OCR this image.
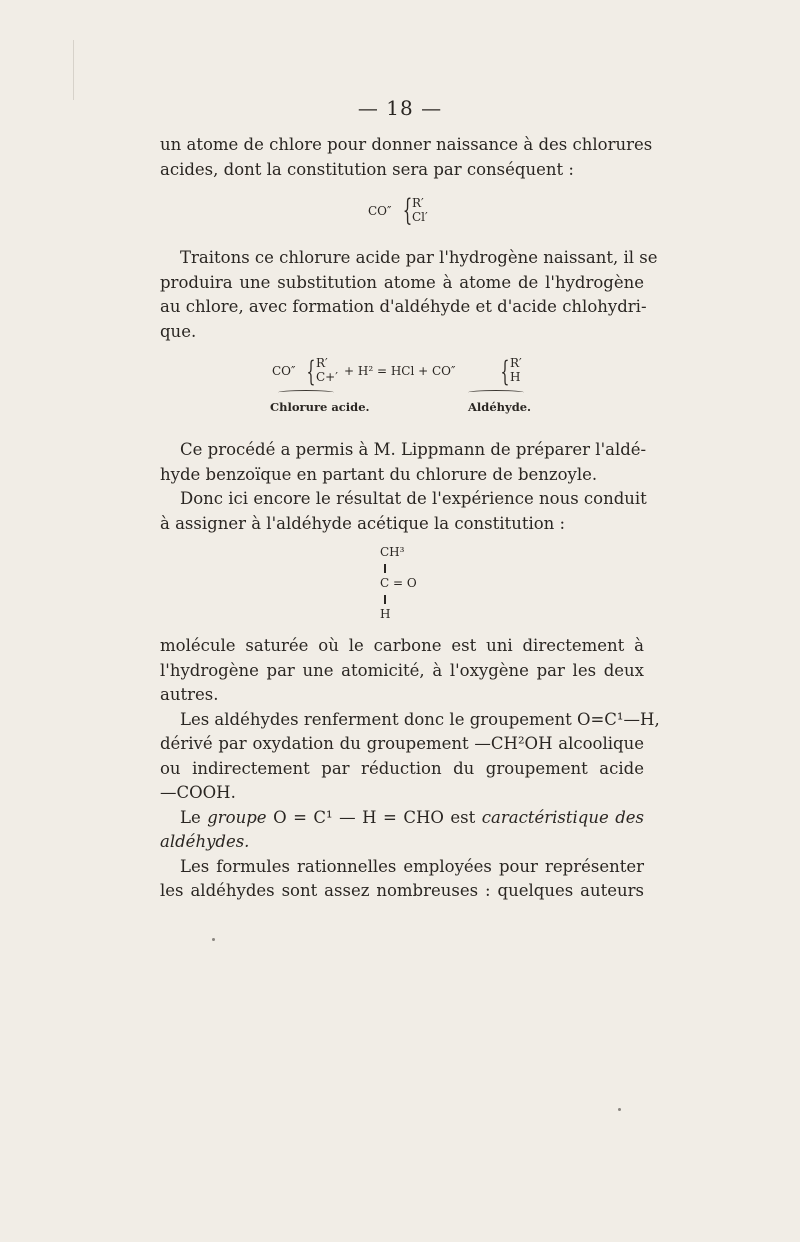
— 18 —
un atome de chlore pour donner naissance à des chlorures
acides, dont la constitution sera par conséquent :
CO″ { R′
Cl′
Traitons ce chlorure acide par l'hydrogène naissant, il se
produira une substitution atome à atome de l'hydrogène
au chlore, avec formation d'aldéhyde et d'acide chlohydri-
que.
CO″ { R′
C+′ + H² = HCl + CO″ { R′
H
Chlorure acide.	Aldéhyde.
Ce procédé a permis à M. Lippmann de préparer l'aldé-
hyde benzoïque en partant du chlorure de benzoyle.
Donc ici encore le résultat de l'expérience nous conduit
à assigner à l'aldéhyde acétique la constitution :
CH³
C = O
H
molécule saturée où le carbone est uni directement à
l'hydrogène par une atomicité, à l'oxygène par les deux
autres.
Les aldéhydes renferment donc le groupement O=C¹—H,
dérivé par oxydation du groupement —CH²OH alcoolique
ou indirectement par réduction du groupement acide
—COOH.
Le groupe O = C¹ — H = CHO est caractéristique des
aldéhydes.
Les formules rationnelles employées pour représenter
les aldéhydes sont assez nombreuses : quelques auteurs
